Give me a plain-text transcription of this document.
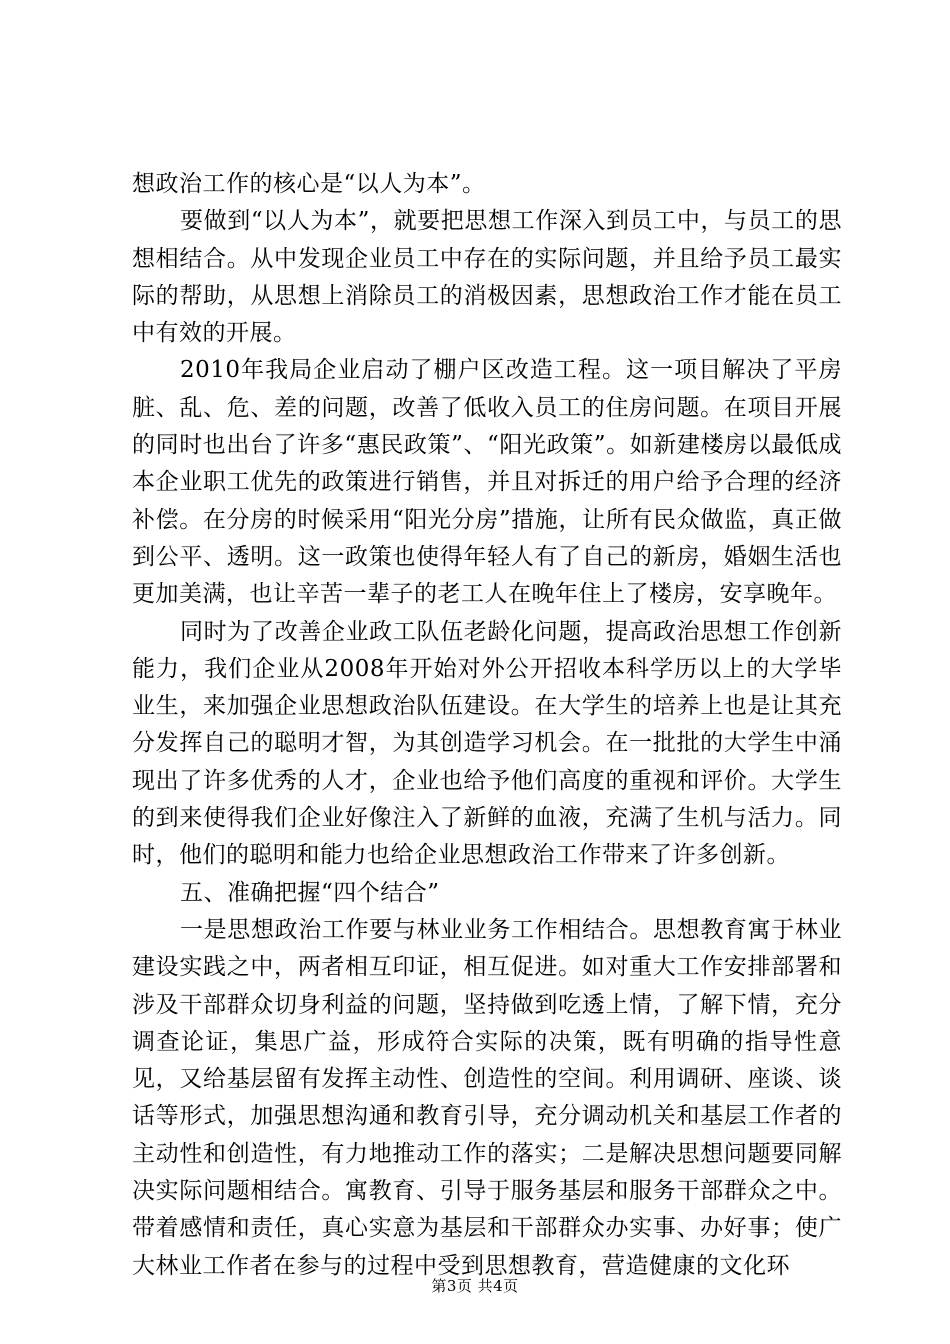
想政治工作的核心是“以人为本”。

要做到“以人为本”，就要把思想工作深入到员工中，与员工的思想相结合。从中发现企业员工中存在的实际问题，并且给予员工最实际的帮助，从思想上消除员工的消极因素，思想政治工作才能在员工中有效的开展。

2010年我局企业启动了棚户区改造工程。这一项目解决了平房脏、乱、危、差的问题，改善了低收入员工的住房问题。在项目开展的同时也出台了许多“惠民政策”、“阳光政策”。如新建楼房以最低成本企业职工优先的政策进行销售，并且对拆迁的用户给予合理的经济补偿。在分房的时候采用“阳光分房”措施，让所有民众做监，真正做到公平、透明。这一政策也使得年轻人有了自己的新房，婚姻生活也更加美满，也让辛苦一辈子的老工人在晚年住上了楼房，安享晚年。

同时为了改善企业政工队伍老龄化问题，提高政治思想工作创新能力，我们企业从2008年开始对外公开招收本科学历以上的大学毕业生，来加强企业思想政治队伍建设。在大学生的培养上也是让其充分发挥自己的聪明才智，为其创造学习机会。在一批批的大学生中涌现出了许多优秀的人才，企业也给予他们高度的重视和评价。大学生的到来使得我们企业好像注入了新鲜的血液，充满了生机与活力。同时，他们的聪明和能力也给企业思想政治工作带来了许多创新。

五、准确把握“四个结合”

一是思想政治工作要与林业业务工作相结合。思想教育寓于林业建设实践之中，两者相互印证，相互促进。如对重大工作安排部署和涉及干部群众切身利益的问题，坚持做到吃透上情，了解下情，充分调查论证，集思广益，形成符合实际的决策，既有明确的指导性意见，又给基层留有发挥主动性、创造性的空间。利用调研、座谈、谈话等形式，加强思想沟通和教育引导，充分调动机关和基层工作者的主动性和创造性，有力地推动工作的落实；二是解决思想问题要同解决实际问题相结合。寓教育、引导于服务基层和服务干部群众之中。带着感情和责任，真心实意为基层和干部群众办实事、办好事；使广大林业工作者在参与的过程中受到思想教育，营造健康的文化环

第3页 共4页
